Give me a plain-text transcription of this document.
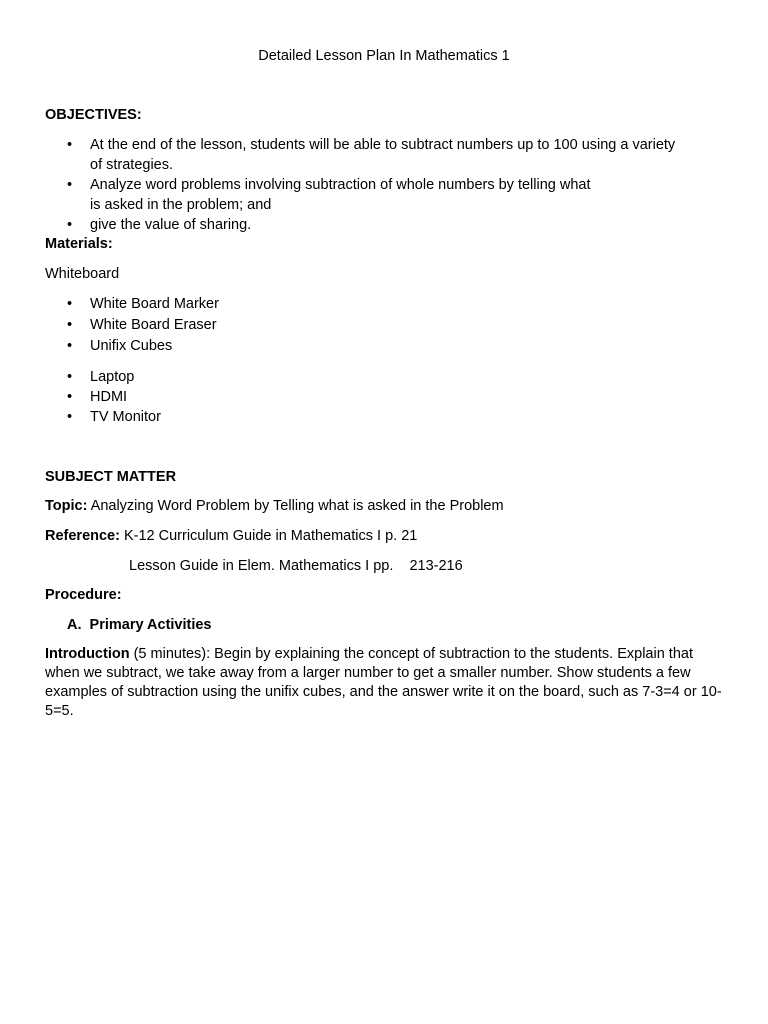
Detailed Lesson Plan In Mathematics 1
OBJECTIVES:
• At the end of the lesson, students will be able to subtract numbers up to 100 using a variety
of strategies.
• Analyze word problems involving subtraction of whole numbers by telling what
is asked in the problem; and
• give the value of sharing.
Materials:
Whiteboard
• White Board Marker
• White Board Eraser
• Unifix Cubes
• Laptop
• HDMI
• TV Monitor
SUBJECT MATTER
Topic: Analyzing Word Problem by Telling what is asked in the Problem
Reference: K-12 Curriculum Guide in Mathematics I p. 21
Lesson Guide in Elem. Mathematics I pp.    213-216
Procedure:
A. Primary Activities
Introduction (5 minutes): Begin by explaining the concept of subtraction to the students. Explain that when we subtract, we take away from a larger number to get a smaller number. Show students a few examples of subtraction using the unifix cubes, and the answer write it on the board, such as 7-3=4 or 10-5=5.
